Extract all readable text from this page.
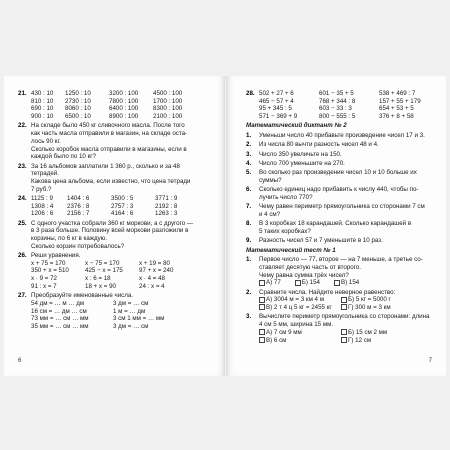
21. 430 : 10	1250 : 10	3200 : 100	4500 : 100
810 : 10	2730 : 10	7800 : 100	1700 : 100
690 : 10	8060 : 10	6400 : 100	8300 : 100
900 : 10	6500 : 10	8900 : 100	2100 : 100
22. На складе было 450 кг сливочного масла. После того
как часть масла отправили в магазин, на складе оста-
лось 90 кг.
Сколько коробок масла отправили в магазины, если в
каждой было по 10 кг?
23. За 16 альбомов заплатили 1 360 р., сколько и за 48
тетрадей.
Какова цена альбома, если известно, что цена тетради
7 руб.?
24. 1125 : 9	1404 : 6	3500 : 5	3771 : 9
1308 : 4	2376 : 8	2757 : 3	2192 : 8
1206 : 6	2156 : 7	4164 : 6	1263 : 3
25. С одного участка собрали 360 кг моркови, а с другого —
в 3 раза больше. Половину всей моркови разложили в
корзины, по 6 кг в каждую.
Сколько корзин потребовалось?
26. Реши уравнения.
x + 75 = 170	x − 75 = 170	x + 19 = 80
350 + x = 510	425 − x = 175	97 + x = 240
x · 9 = 72	x : 6 = 18	x · 4 = 48
91 : x = 7	18 + x = 90	24 : x = 4
27. Преобразуйте именованные числа.
54 дм = … м … дм	3 дм = … см
16 см = … дм … см	1 м = … дм
73 мм = … см … мм	3 см 1 мм = … мм
35 мм = … см … мм	3 дм = … см
6
28. 502 + 27 + 6	601 − 35 + 5	538 + 469 : 7
465 − 57 + 4	768 + 344 : 8	157 + 55 + 179
95 + 345 : 5	603 − 33 : 3	654 + 53 + 5
571 − 369 + 9	800 − 555 : 5	376 + 8 + 58
Математический диктант № 2
1. Уменьши число 40 прибавьте произведение чисел 17 и 3.
2. Из числа 80 вычти разность чисел 48 и 4.
3. Число 350 увеличьте на 150.
4. Число 700 уменьшите на 270.
5. Во сколько раз произведение чисел 10 и 10 больше их
суммы?
6. Сколько единиц надо прибавить к числу 440, чтобы по-
лучить число 770?
7. Чему равен периметр прямоугольника со сторонами 7 см
и 4 см?
8. В 3 коробках 18 карандашей. Сколько карандашей в
5 таких коробках?
9. Разность чисел 57 и 7 уменьшите в 10 раз.
Математический тест № 1
1. Первое число — 77, второе — на 7 меньше, а третье со-
ставляет десятую часть от второго.
Чему равна сумма трёх чисел?
А) 77	Б) 154	В) 154
2. Сравните числа. Найдите неверное равенство:
А) 3004 м = 3 км 4 м	Б) 5 кг = 5000 г
В) 2 т 4 ц 5 кг = 2455 кг	Г) 300 м = 3 км
3. Вычислите периметр прямоугольника со сторонами: длина
4 см 5 мм, ширина 15 мм.
А) 7 см 9 мм	Б) 15 см 2 мм
В) 6 см	Г) 12 см
7
